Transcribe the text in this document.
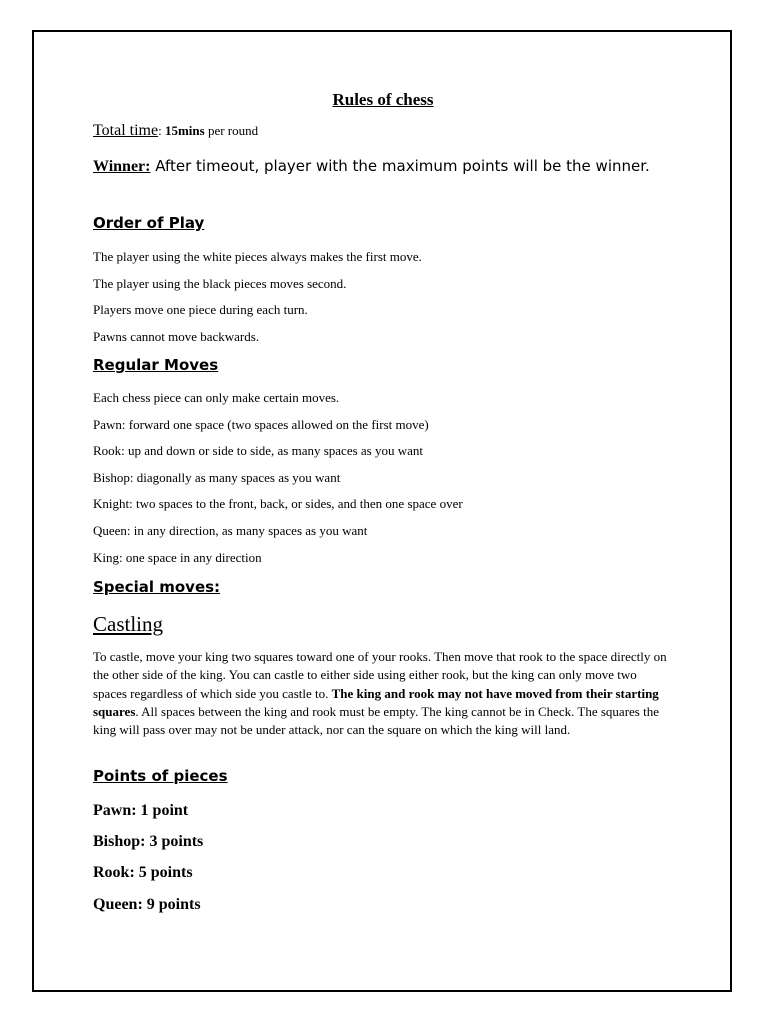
Rules of chess
Total time: 15mins per round
Winner: After timeout, player with the maximum points will be the winner.
Order of Play
The player using the white pieces always makes the first move.
The player using the black pieces moves second.
Players move one piece during each turn.
Pawns cannot move backwards.
Regular Moves
Each chess piece can only make certain moves.
Pawn: forward one space (two spaces allowed on the first move)
Rook: up and down or side to side, as many spaces as you want
Bishop: diagonally as many spaces as you want
Knight: two spaces to the front, back, or sides, and then one space over
Queen: in any direction, as many spaces as you want
King: one space in any direction
Special moves:
Castling
To castle, move your king two squares toward one of your rooks. Then move that rook to the space directly on the other side of the king. You can castle to either side using either rook, but the king can only move two spaces regardless of which side you castle to. The king and rook may not have moved from their starting squares. All spaces between the king and rook must be empty. The king cannot be in Check. The squares the king will pass over may not be under attack, nor can the square on which the king will land.
Points of pieces
Pawn: 1 point
Bishop: 3 points
Rook: 5 points
Queen: 9 points
